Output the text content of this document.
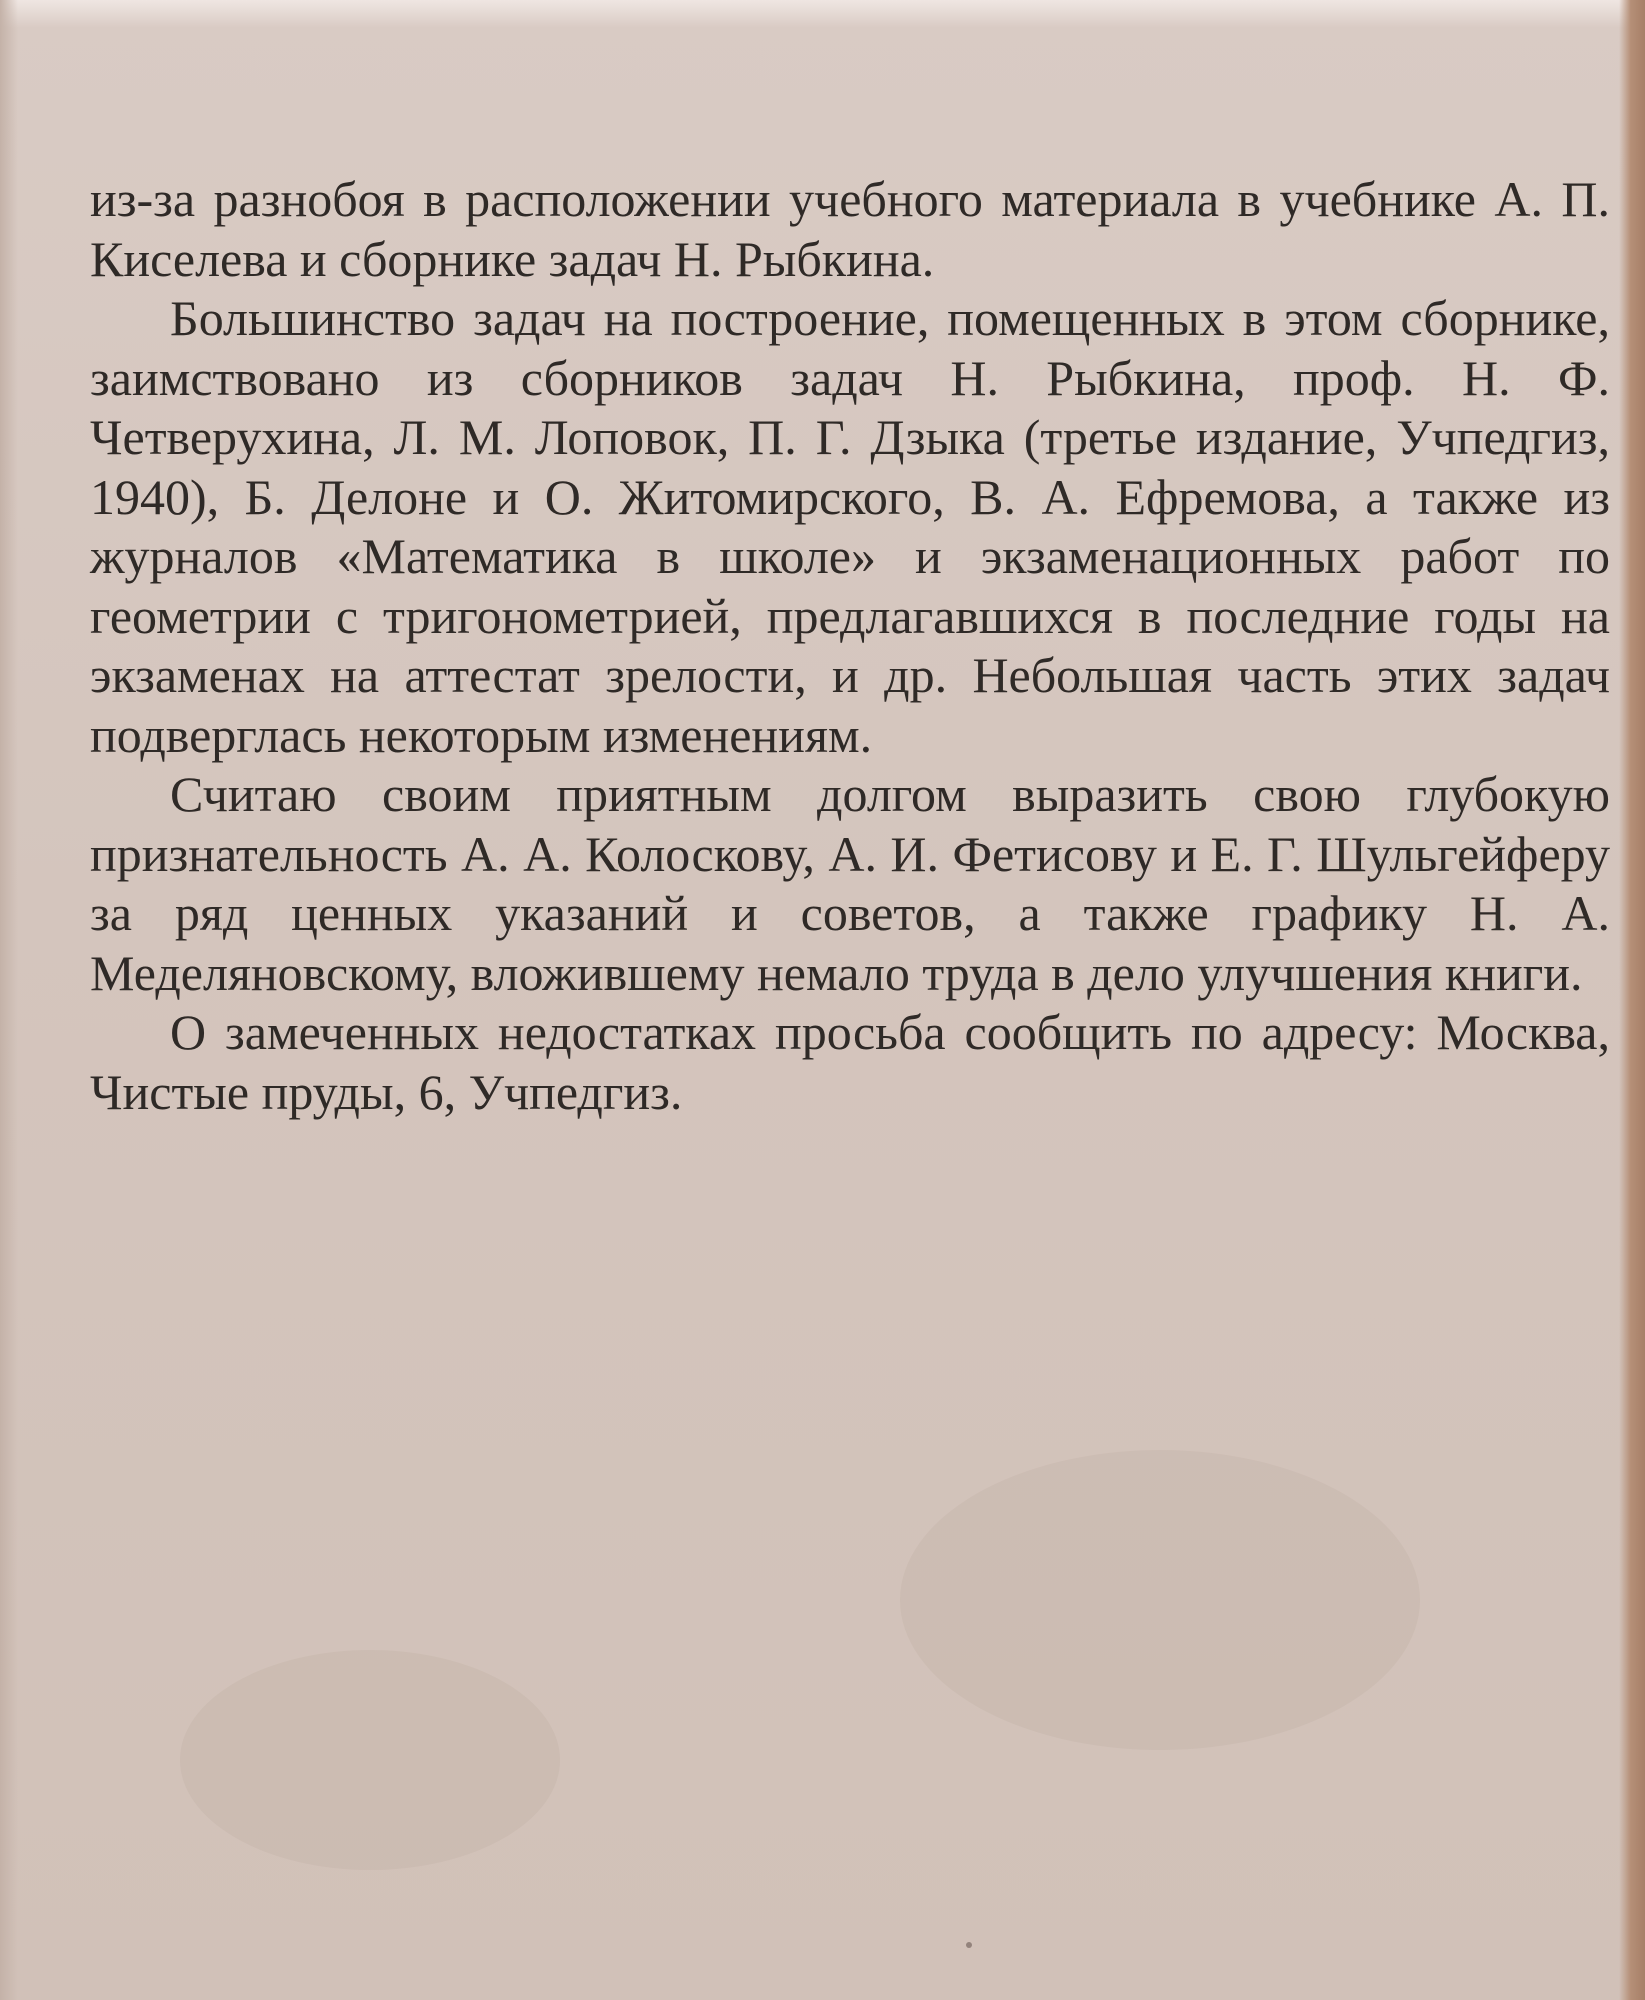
из-за разнобоя в расположении учебного материала в учебнике А. П. Киселева и сборнике задач Н. Рыбкина.

Большинство задач на построение, помещенных в этом сборнике, заимствовано из сборников задач Н. Рыбкина, проф. Н. Ф. Четверухина, Л. М. Лоповок, П. Г. Дзыка (третье издание, Учпедгиз, 1940), Б. Делоне и О. Житомирского, В. А. Ефремова, а также из журналов «Математика в школе» и экзаменационных работ по геометрии с тригонометрией, предлагавшихся в последние годы на экзаменах на аттестат зрелости, и др. Небольшая часть этих задач подверглась некоторым изменениям.

Считаю своим приятным долгом выразить свою глубокую признательность А. А. Колоскову, А. И. Фетисову и Е. Г. Шульгейферу за ряд ценных указаний и советов, а также графику Н. А. Меделяновскому, вложившему немало труда в дело улучшения книги.

О замеченных недостатках просьба сообщить по адресу: Москва, Чистые пруды, 6, Учпедгиз.
